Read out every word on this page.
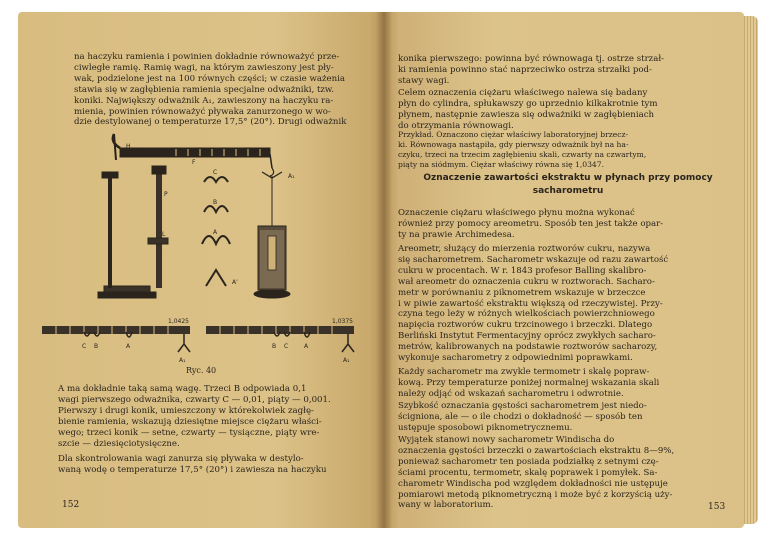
na haczyku ramienia i powinien dokładnie równoważyć prze-
ciwległe ramię. Ramię wagi, na którym zawieszony jest pły-
wak, podzielone jest na 100 równych części; w czasie ważenia
stawia się w zagłębienia ramienia specjalne odważniki, tzw.
koniki. Największy odważnik A₁, zawieszony na haczyku ra-
mienia, powinien równoważyć pływaka zanurzonego w wo-
dzie destylowanej o temperaturze 17,5° (20°). Drugi odważnik
H
F
L
P
A₁
C
B
A
A'
1,0425
C B	A
A₁
1,0375
B C	A
A₁
Ryc. 40
A ma dokładnie taką samą wagę. Trzeci B odpowiada 0,1
wagi pierwszego odważnika, czwarty C — 0,01, piąty — 0,001.
Pierwszy i drugi konik, umieszczony w którekolwiek zagłę-
bienie ramienia, wskazują dziesiętne miejsce ciężaru właści-
wego; trzeci konik — setne, czwarty — tysiączne, piąty wre-
szcie — dziesięciotysięczne.
Dla skontrolowania wagi zanurza się pływaka w destylo-
waną wodę o temperaturze 17,5° (20°) i zawiesza na haczyku
152
konika pierwszego: powinna być równowaga tj. ostrze strzał-
ki ramienia powinno stać naprzeciwko ostrza strzałki pod-
stawy wagi.
Celem oznaczenia ciężaru właściwego nalewa się badany
płyn do cylindra, spłukawszy go uprzednio kilkakrotnie tym
płynem, następnie zawiesza się odważniki w zagłębieniach
do otrzymania równowagi.
Przykład. Oznaczono ciężar właściwy laboratoryjnej brzecz-
ki. Równowaga nastąpiła, gdy pierwszy odważnik był na ha-
czyku, trzeci na trzecim zagłębieniu skali, czwarty na czwartym,
piąty na siódmym. Ciężar właściwy równa się 1,0347.
Oznaczenie zawartości ekstraktu w płynach przy pomocy
sacharometru
Oznaczenie ciężaru właściwego płynu można wykonać
również przy pomocy areometru. Sposób ten jest także opar-
ty na prawie Archimedesa.
Areometr, służący do mierzenia roztworów cukru, nazywa
się sacharometrem. Sacharometr wskazuje od razu zawartość
cukru w procentach. W r. 1843 profesor Balling skalibro-
wał areometr do oznaczenia cukru w roztworach. Sacharo-
metr w porównaniu z piknometrem wskazuje w brzeczce
i w piwie zawartość ekstraktu większą od rzeczywistej. Przy-
czyna tego leży w różnych wielkościach powierzchniowego
napięcia roztworów cukru trzcinowego i brzeczki. Dlatego
Berliński Instytut Fermentacyjny oprócz zwykłych sacharo-
metrów, kalibrowanych na podstawie roztworów sacharozy,
wykonuje sacharometry z odpowiednimi poprawkami.
Każdy sacharometr ma zwykle termometr i skalę popraw-
kową. Przy temperaturze poniżej normalnej wskazania skali
należy odjąć od wskazań sacharometru i odwrotnie.
Szybkość oznaczania gęstości sacharometrem jest niedo-
ścigniona, ale — o ile chodzi o dokładność — sposób ten
ustępuje sposobowi piknometrycznemu.
Wyjątek stanowi nowy sacharometr Windischa do
oznaczenia gęstości brzeczki o zawartościach ekstraktu 8—9%,
ponieważ sacharometr ten posiada podziałkę z setnymi czę-
ściami procentu, termometr, skalę poprawek i pomyłek. Sa-
charometr Windischa pod względem dokładności nie ustępuje
pomiarowi metodą piknometryczną i może być z korzyścią uży-
wany w laboratorium.	153
